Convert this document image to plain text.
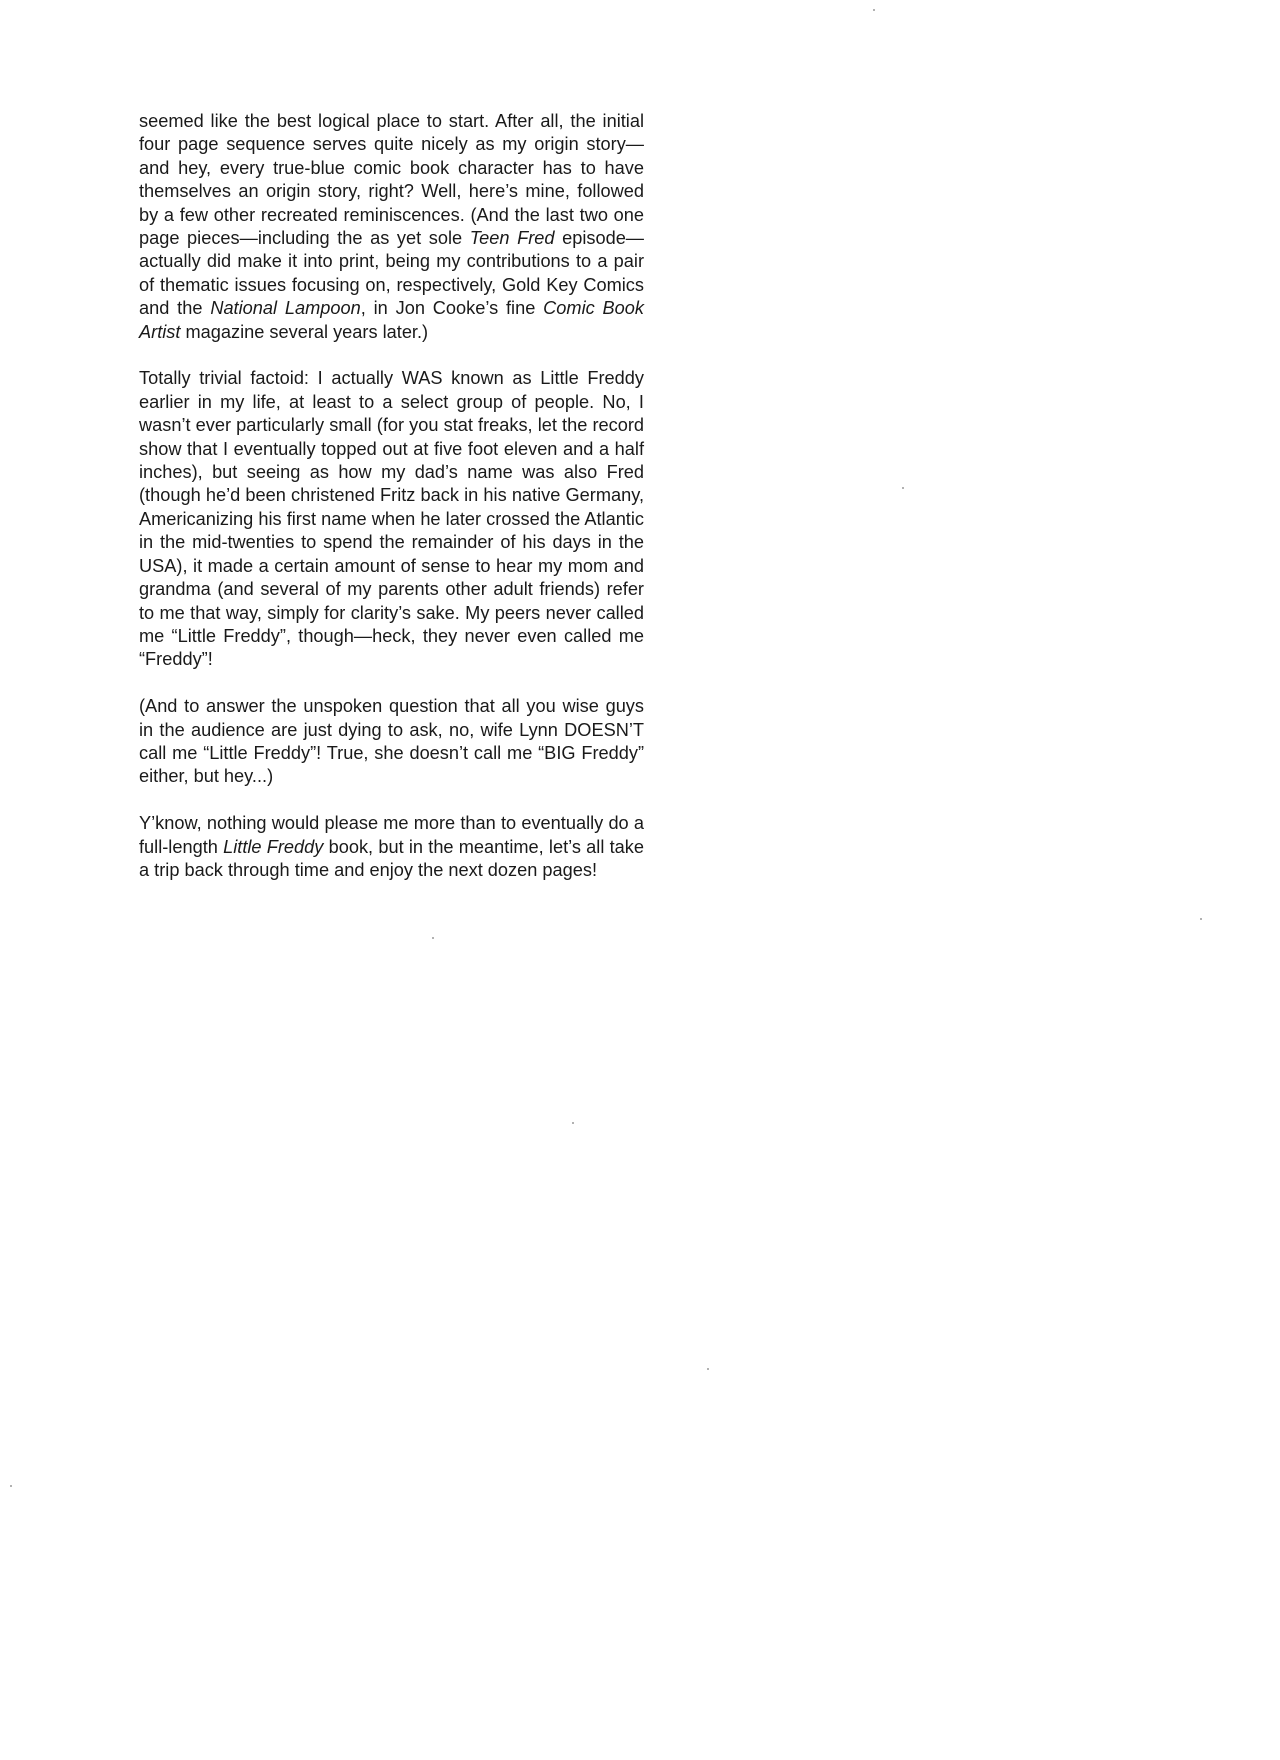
seemed like the best logical place to start. After all, the initial four page sequence serves quite nicely as my origin story—and hey, every true-blue comic book character has to have themselves an origin story, right? Well, here’s mine, followed by a few other recreated reminiscences. (And the last two one page pieces—including the as yet sole Teen Fred episode—actually did make it into print, being my contributions to a pair of thematic issues focusing on, respectively, Gold Key Comics and the National Lampoon, in Jon Cooke’s fine Comic Book Artist magazine several years later.)

Totally trivial factoid: I actually WAS known as Little Freddy earlier in my life, at least to a select group of people. No, I wasn’t ever particularly small (for you stat freaks, let the record show that I eventually topped out at five foot eleven and a half inches), but seeing as how my dad’s name was also Fred (though he’d been christened Fritz back in his native Germany, Americanizing his first name when he later crossed the Atlantic in the mid-twenties to spend the remainder of his days in the USA), it made a certain amount of sense to hear my mom and grandma (and several of my parents other adult friends) refer to me that way, simply for clarity’s sake. My peers never called me “Little Freddy”, though—heck, they never even called me “Freddy”!

(And to answer the unspoken question that all you wise guys in the audience are just dying to ask, no, wife Lynn DOESN’T call me “Little Freddy”! True, she doesn’t call me “BIG Freddy” either, but hey...)

Y’know, nothing would please me more than to eventually do a full-length Little Freddy book, but in the meantime, let’s all take a trip back through time and enjoy the next dozen pages!
